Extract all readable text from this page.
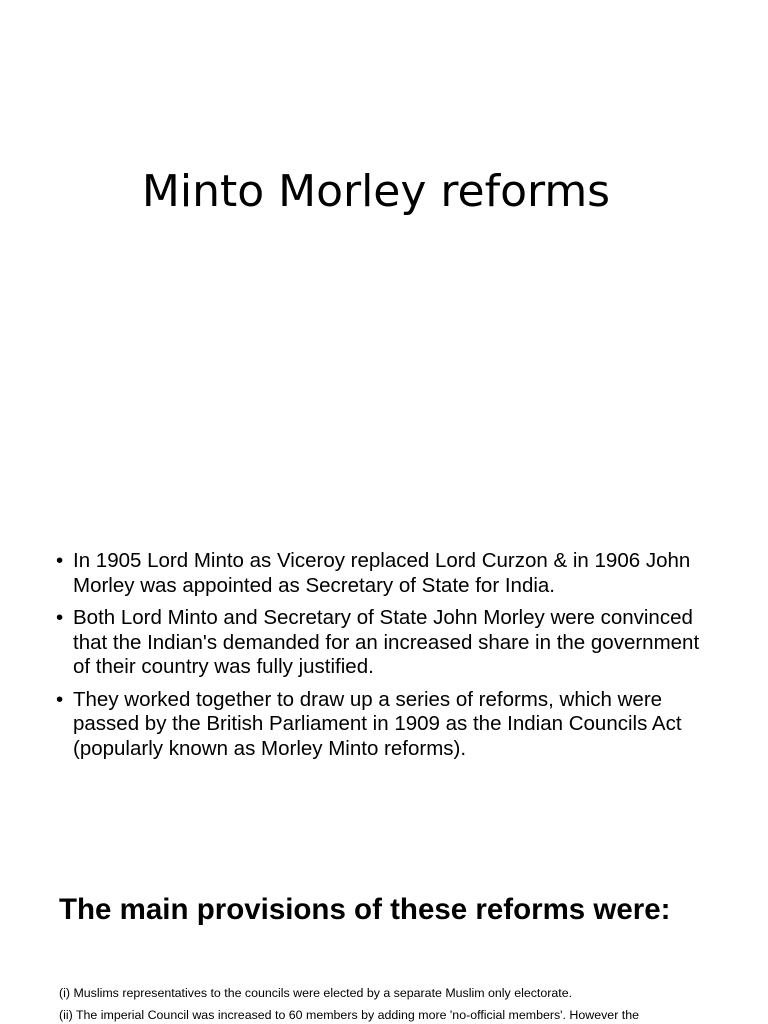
Minto Morley reforms
• In 1905 Lord Minto as Viceroy replaced Lord Curzon & in 1906 John Morley was appointed as Secretary of State for India.
• Both Lord Minto and Secretary of State John Morley were convinced that the Indian's demanded for an increased share in the government of their country was fully justified.
• They worked together to draw up a series of reforms, which were passed by the British Parliament in 1909 as the Indian Councils Act (popularly known as Morley Minto reforms).
The main provisions of these reforms were:

(i) Muslims representatives to the councils were elected by a separate Muslim only electorate.

(ii) The imperial Council was increased to 60 members by adding more 'no-official members'. However the
